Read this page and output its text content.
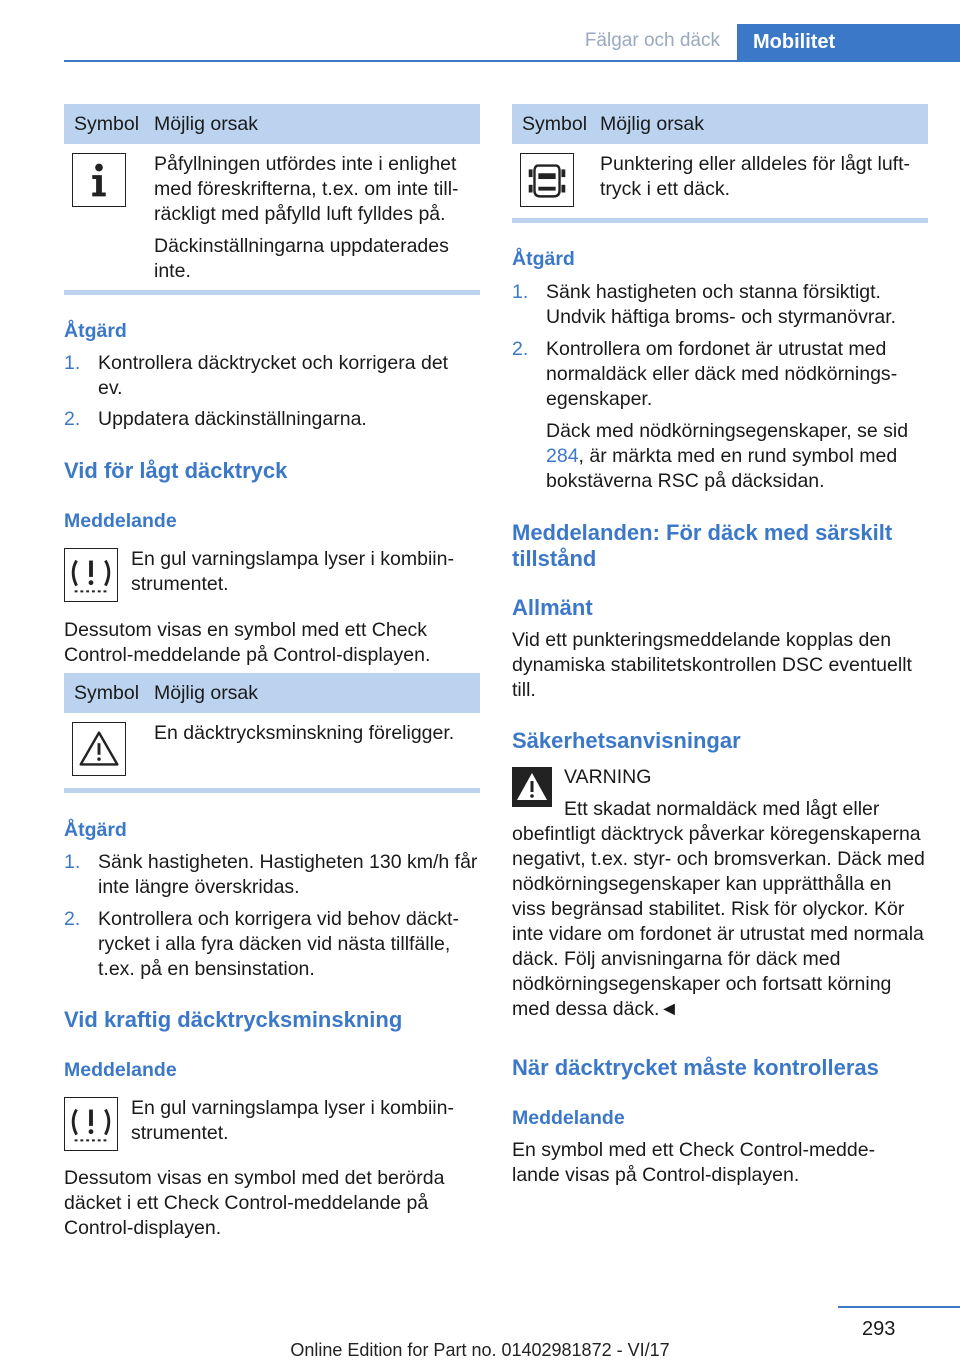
Fälgar och däck	Mobilitet
Symbol Möjlig orsak

Påfyllningen utfördes inte i enlighet med föreskrifterna, t.ex. om inte tillräckligt med påfylld luft fylldes på.

Däckinställningarna uppdaterades inte.

Åtgärd
1. Kontrollera däcktrycket och korrigera det ev.
2. Uppdatera däckinställningarna.
Vid för lågt däcktryck
Meddelande

En gul varningslampa lyser i kombiinstrumentet.

Dessutom visas en symbol med ett Check Control-meddelande på Control-displayen.

Symbol Möjlig orsak

En däcktrycksminskning föreligger.

Åtgärd
1. Sänk hastigheten. Hastigheten 130 km/h får inte längre överskridas.
2. Kontrollera och korrigera vid behov däcktrycket i alla fyra däcken vid nästa tillfälle, t.ex. på en bensinstation.
Vid kraftig däcktrycksminskning
Meddelande

En gul varningslampa lyser i kombiinstrumentet.

Dessutom visas en symbol med det berörda däcket i ett Check Control-meddelande på Control-displayen.

Symbol Möjlig orsak

Punktering eller alldeles för lågt lufttryck i ett däck.

Åtgärd
1. Sänk hastigheten och stanna försiktigt. Undvik häftiga broms- och styrmanövrar.
2. Kontrollera om fordonet är utrustat med normaldäck eller däck med nödkörningsegenskaper.

Däck med nödkörningsegenskaper, se sid 284, är märkta med en rund symbol med bokstäverna RSC på däcksidan.

Meddelanden: För däck med särskilt tillstånd
Allmänt

Vid ett punkteringsmeddelande kopplas den dynamiska stabilitetskontrollen DSC eventuellt till.

Säkerhetsanvisningar

VARNING

Ett skadat normaldäck med lågt eller obefintligt däcktryck påverkar köregenskaperna negativt, t.ex. styr- och bromsverkan. Däck med nödkörningsegenskaper kan upprätthålla en viss begränsad stabilitet. Risk för olyckor. Kör inte vidare om fordonet är utrustat med normala däck. Följ anvisningarna för däck med nödkörningsegenskaper och fortsatt körning med dessa däck.◄

När däcktrycket måste kontrolleras
Meddelande

En symbol med ett Check Control-meddelande visas på Control-displayen.

293
Online Edition for Part no. 01402981872 - VI/17
